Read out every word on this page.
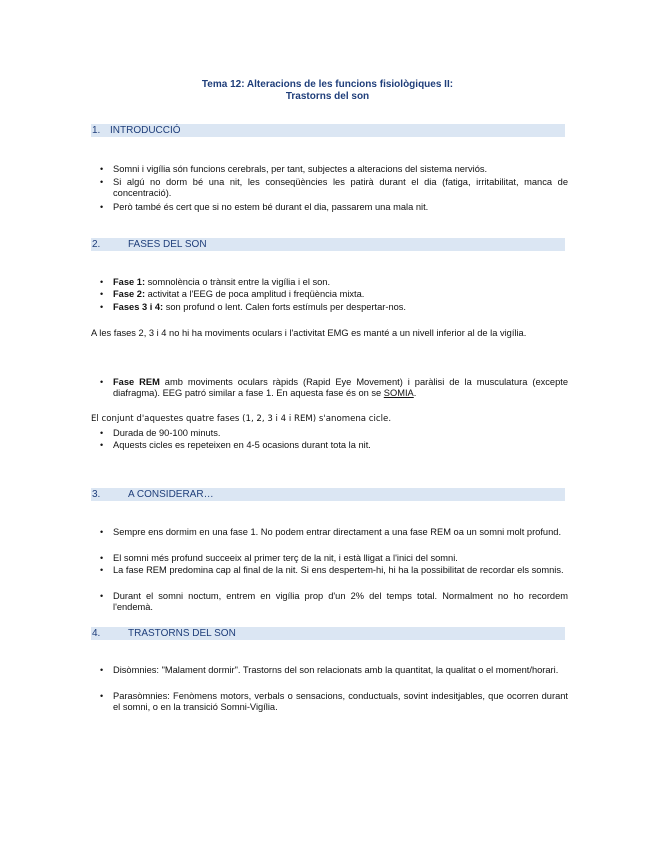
Tema 12: Alteracions de les funcions fisiològiques II:
Trastorns del son
1. INTRODUCCIÓ
• Somni i vigília són funcions cerebrals, per tant, subjectes a alteracions del sistema nerviós.
• Si algú no dorm bé una nit, les conseqüències les patirà durant el dia (fatiga, irritabilitat, manca de concentració).
• Però també és cert que si no estem bé durant el dia, passarem una mala nit.
2.	FASES DEL SON
• Fase 1: somnolència o trànsit entre la vigília i el son.
• Fase 2: activitat a l'EEG de poca amplitud i freqüència mixta.
• Fases 3 i 4: son profund o lent. Calen forts estímuls per despertar-nos.
A les fases 2, 3 i 4 no hi ha moviments oculars i l'activitat EMG es manté a un nivell inferior al de la vigília.
• Fase REM amb moviments oculars ràpids (Rapid Eye Movement) i paràlisi de la musculatura (excepte diafragma). EEG patró similar a fase 1. En aquesta fase és on se SOMIA.
El conjunt d'aquestes quatre fases (1, 2, 3 i 4 i REM) s'anomena cicle.
• Durada de 90-100 minuts.
• Aquests cicles es repeteixen en 4-5 ocasions durant tota la nit.
3.	A CONSIDERAR…
• Sempre ens dormim en una fase 1. No podem entrar directament a una fase REM oa un somni molt profund.
• El somni més profund succeeix al primer terç de la nit, i està lligat a l'inici del somni.
• La fase REM predomina cap al final de la nit. Si ens despertem-hi, hi ha la possibilitat de recordar els somnis.
• Durant el somni noctum, entrem en vigília prop d'un 2% del temps total. Normalment no ho recordem l'endemà.
4.	TRASTORNS DEL SON
• Disòmnies: "Malament dormir". Trastorns del son relacionats amb la quantitat, la qualitat o el moment/horari.
• Parasòmnies: Fenòmens motors, verbals o sensacions, conductuals, sovint indesitjables, que ocorren durant el somni, o en la transició Somni-Vigília.
